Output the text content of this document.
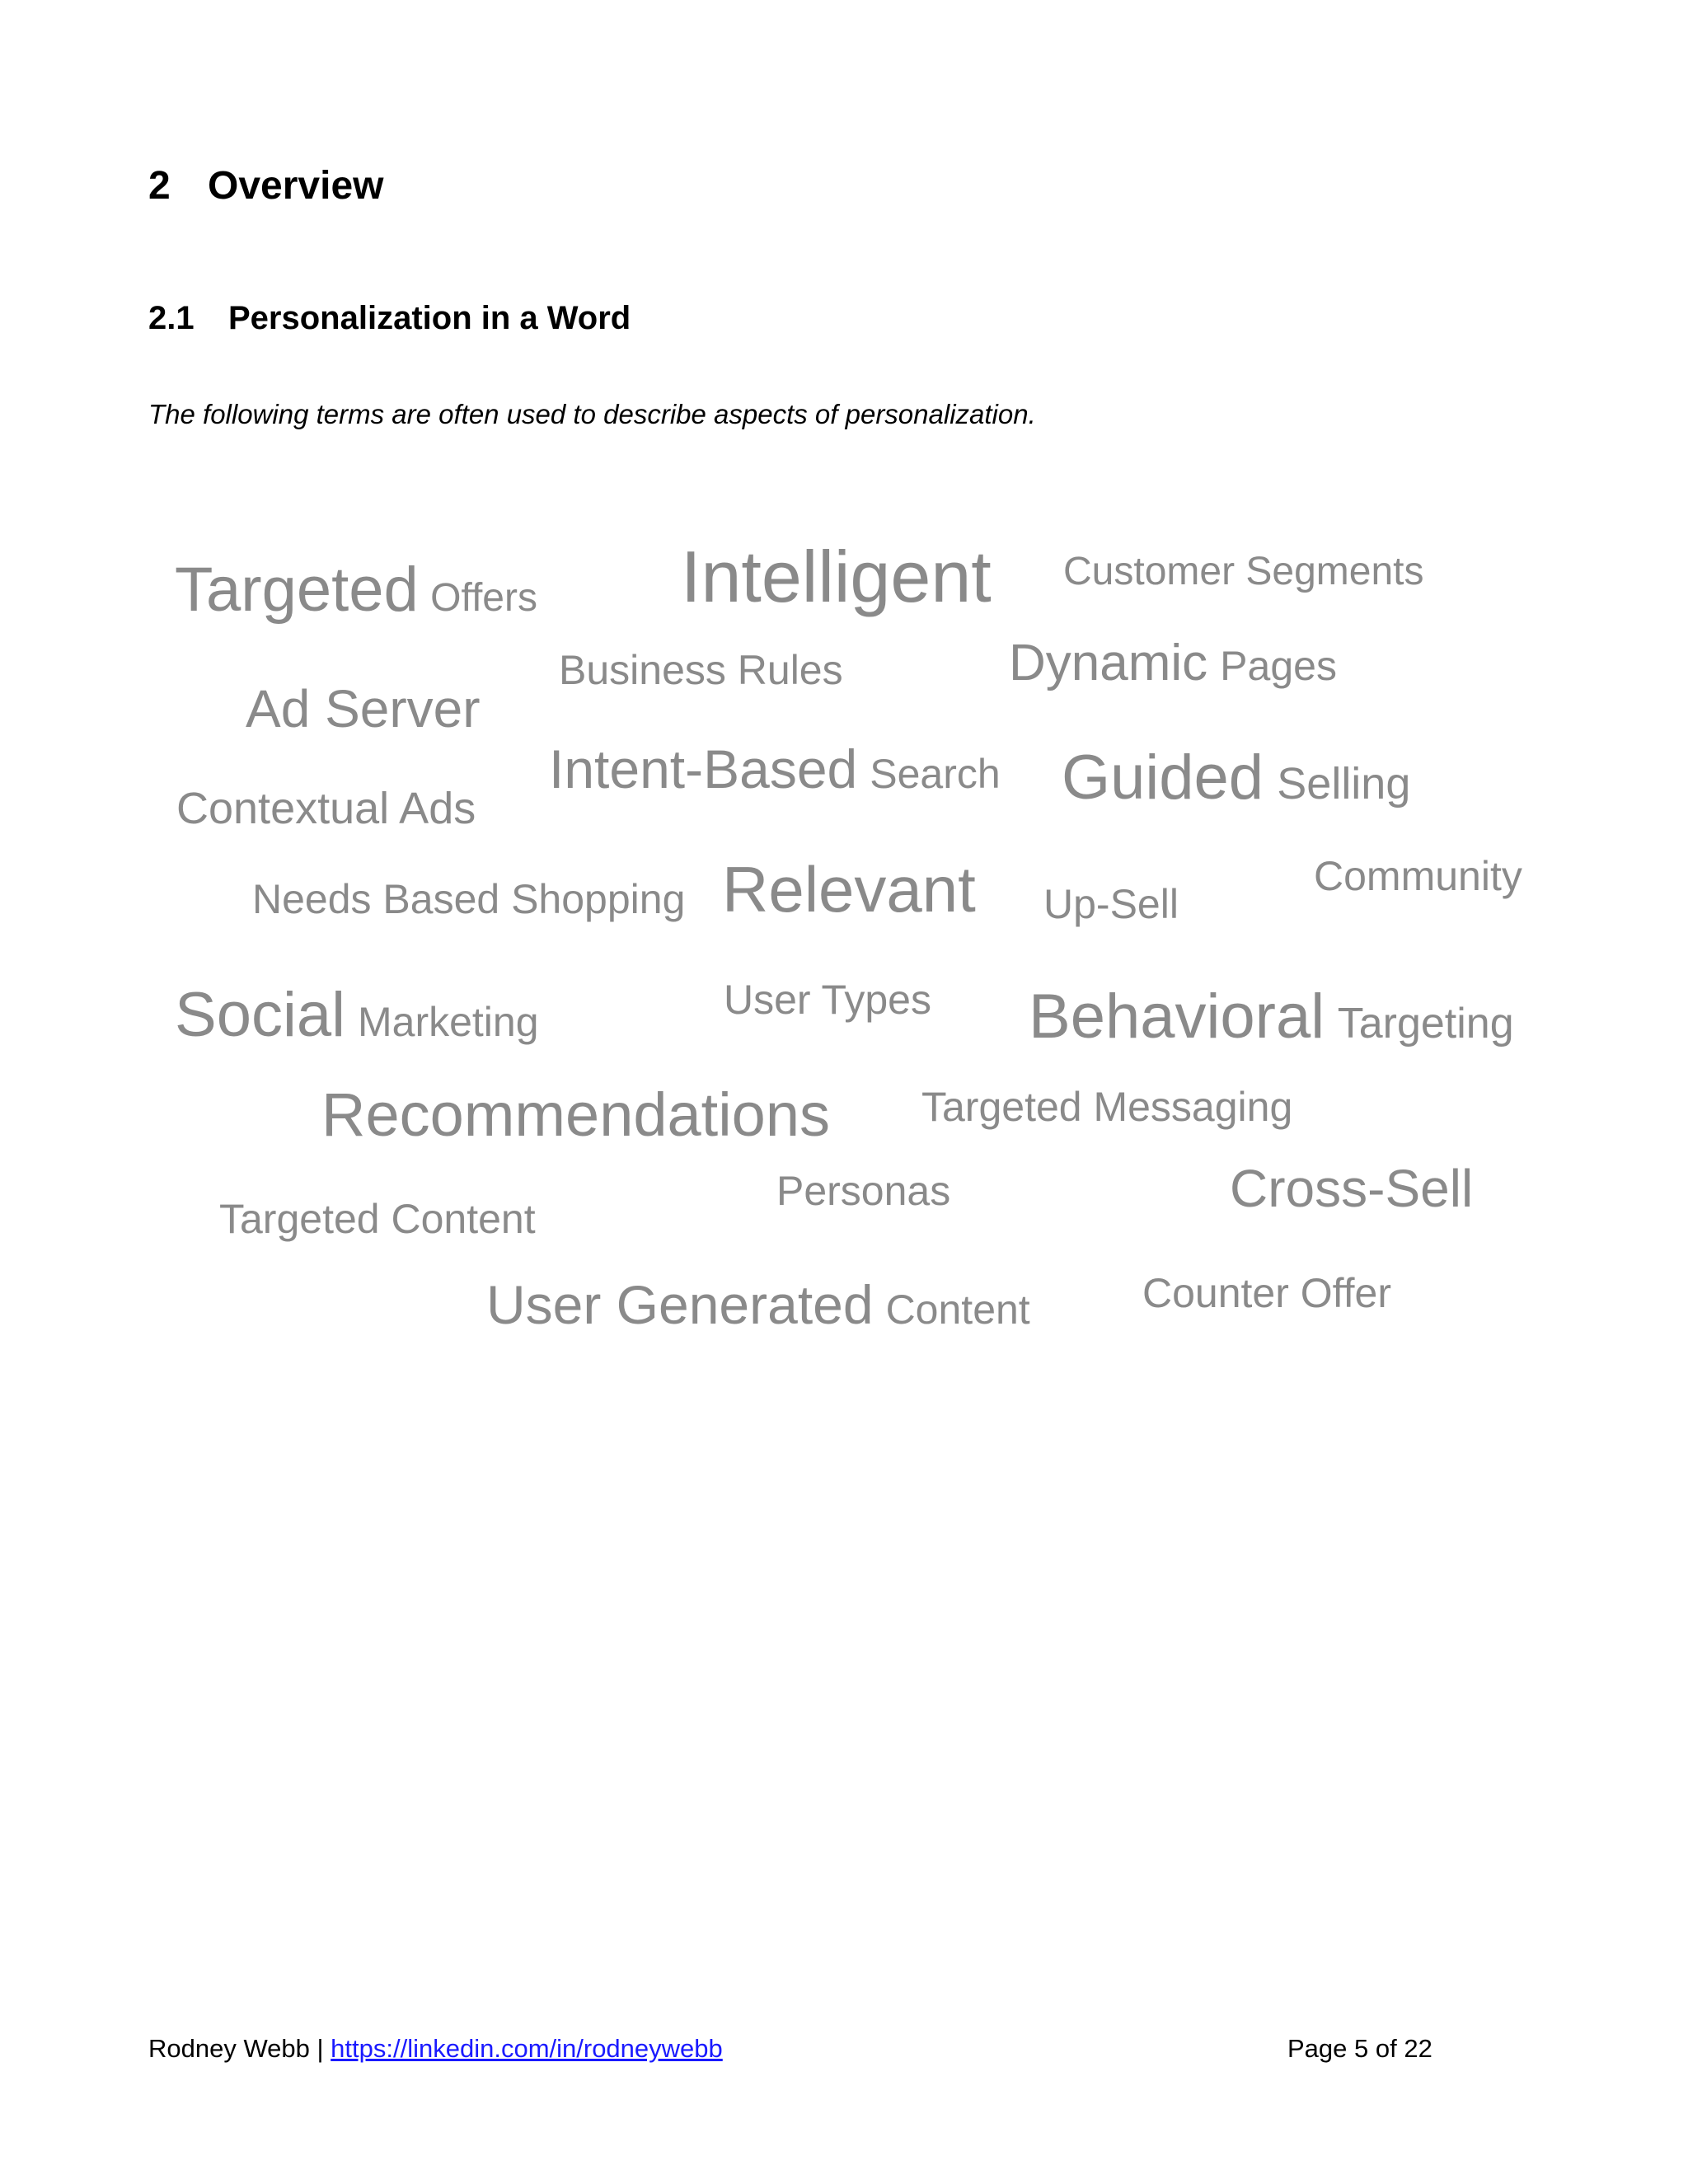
2 Overview
2.1 Personalization in a Word
The following terms are often used to describe aspects of personalization.
Targeted Offers Intelligent Customer Segments
Business Rules	Dynamic Pages
Ad Server
Intent-Based Search Guided Selling
Contextual Ads
Needs Based Shopping Relevant Up-Sell
Community
Social Marketing	User Types Behavioral Targeting
Recommendations Targeted Messaging
Personas	Cross-Sell
Targeted Content
User Generated Content	Counter Offer
Rodney Webb | https://linkedin.com/in/rodneywebb	Page 5 of 22
